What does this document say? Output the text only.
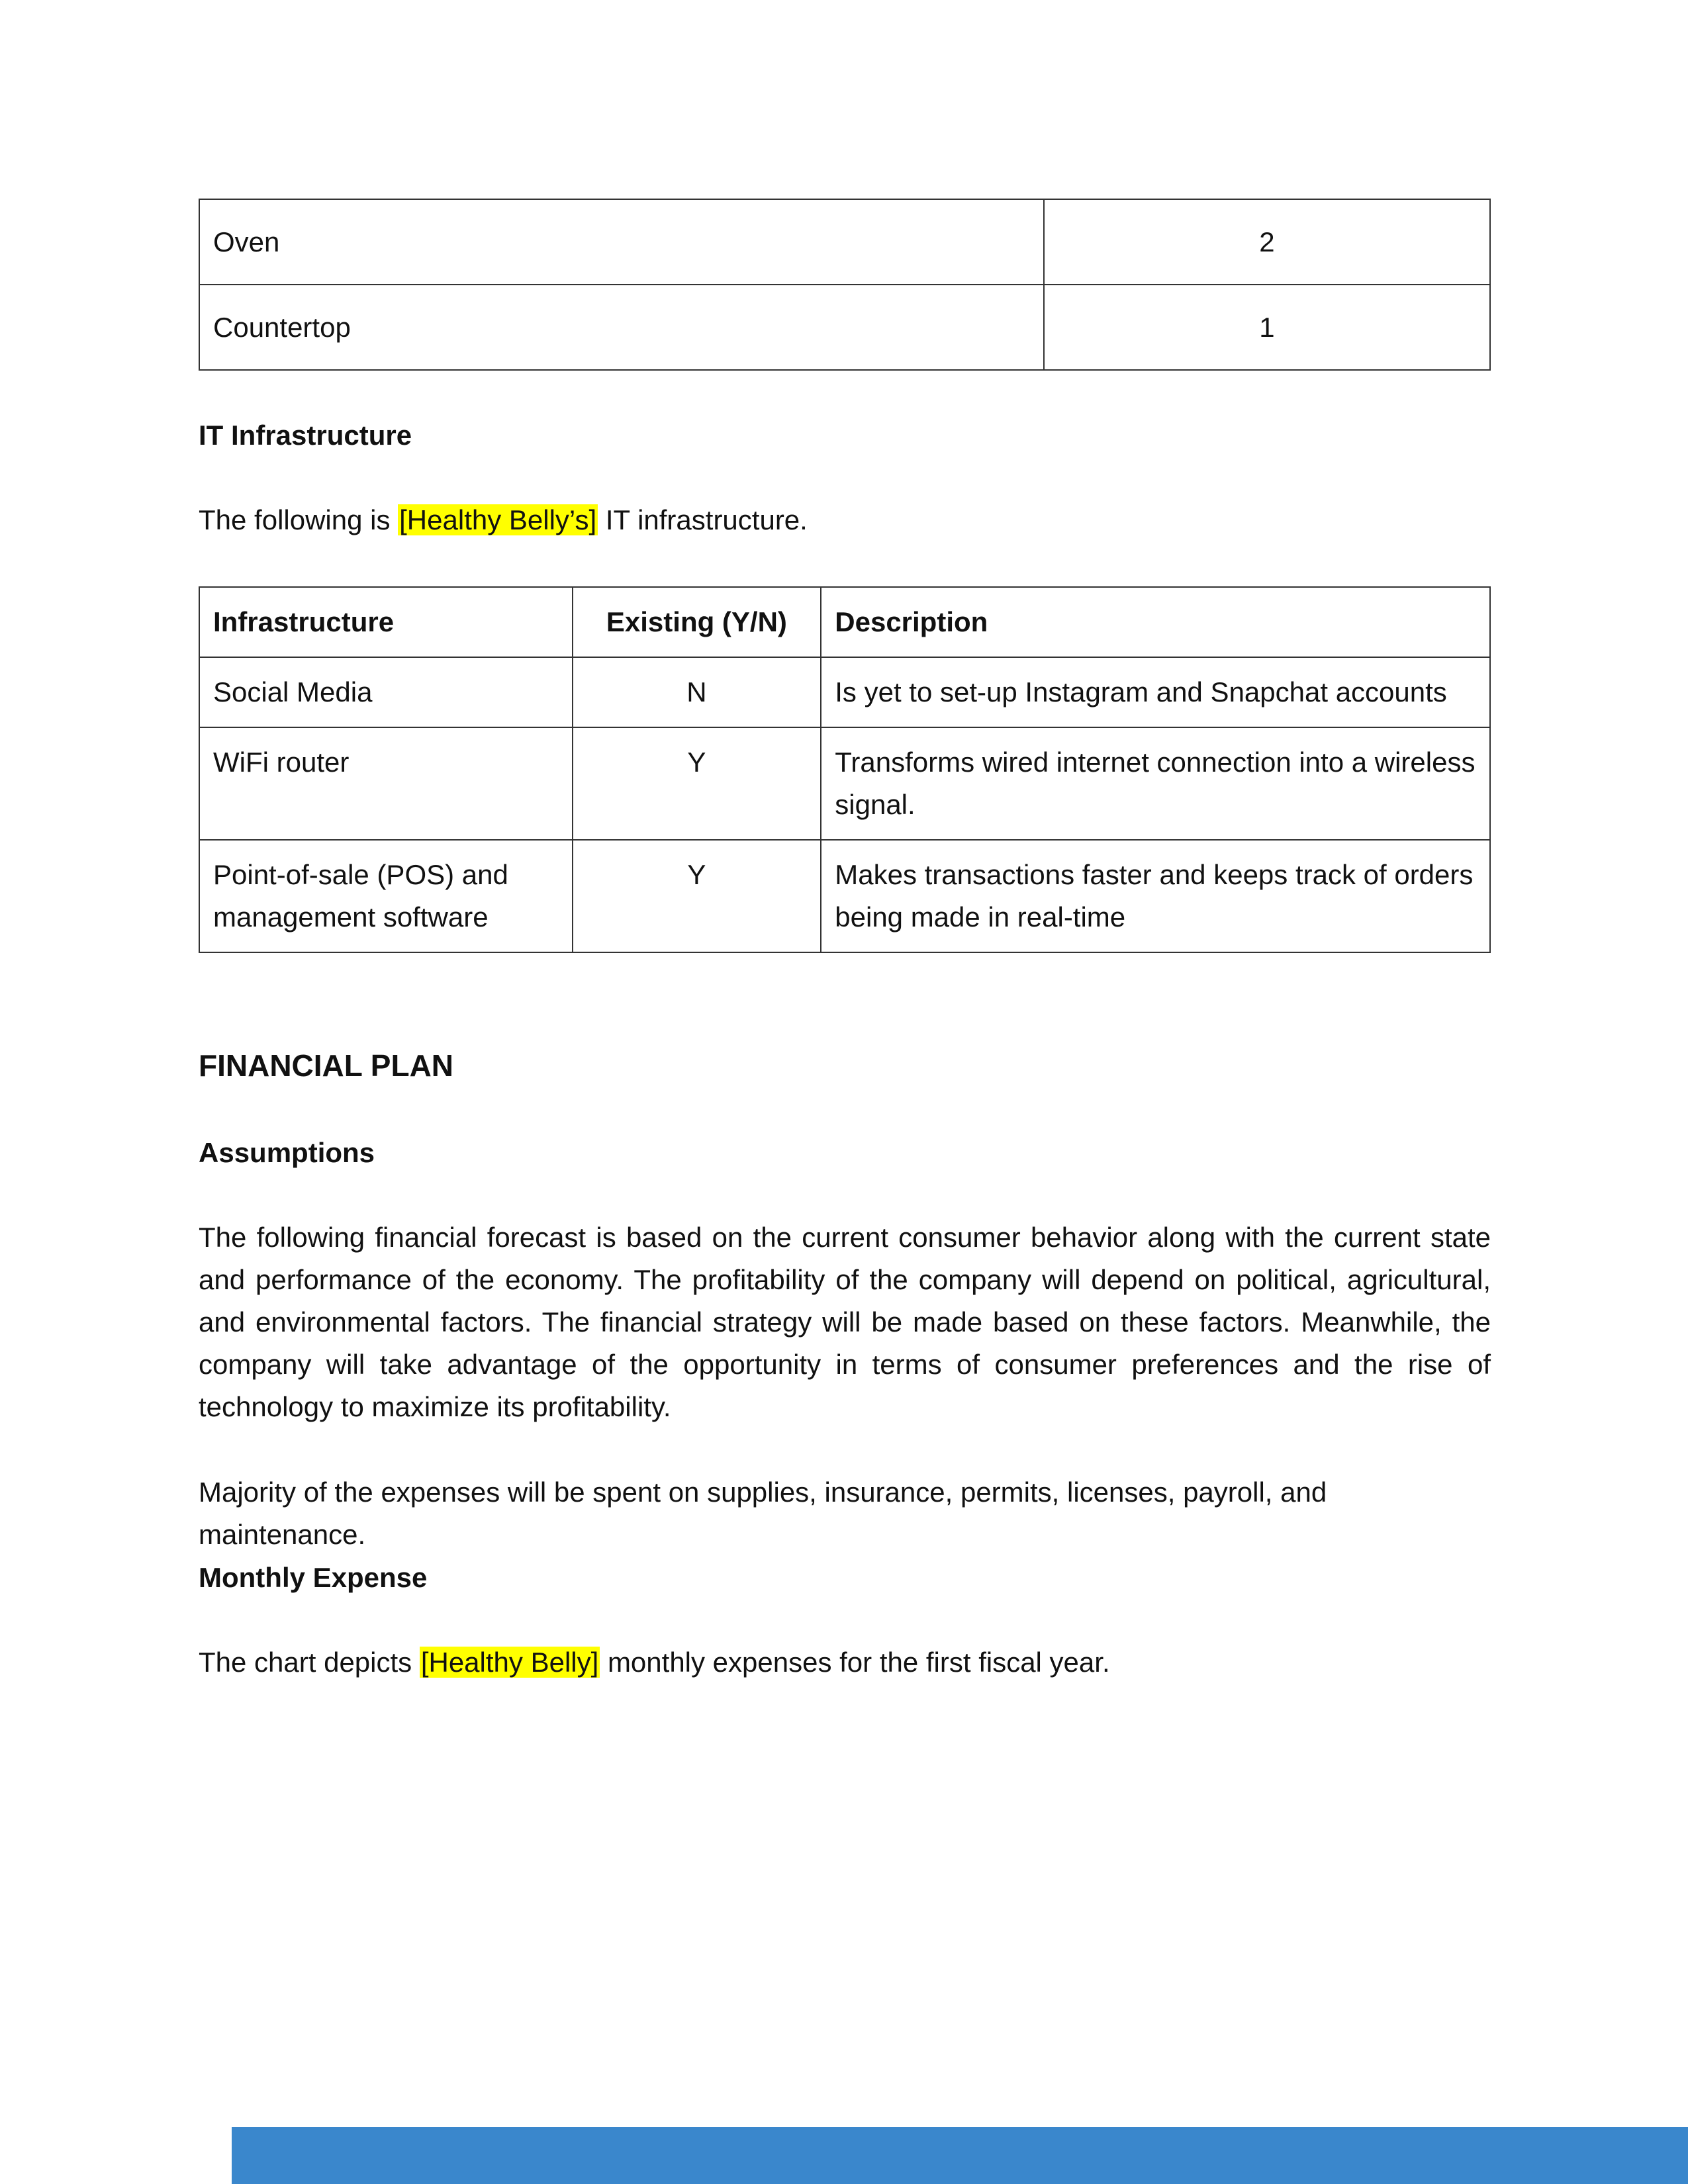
Oven	2
Countertop	1

IT Infrastructure

The following is [Healthy Belly’s] IT infrastructure.

Infrastructure	Existing (Y/N)	Description
Social Media	N	Is yet to set-up Instagram and Snapchat accounts
WiFi router	Y	Transforms wired internet connection into a wireless signal.
Point-of-sale (POS) and management software	Y	Makes transactions faster and keeps track of orders being made in real-time

FINANCIAL PLAN

Assumptions

The following financial forecast is based on the current consumer behavior along with the current state and performance of the economy. The profitability of the company will depend on political, agricultural, and environmental factors. The financial strategy will be made based on these factors. Meanwhile, the company will take advantage of the opportunity in terms of consumer preferences and the rise of technology to maximize its profitability.

Majority of the expenses will be spent on supplies, insurance, permits, licenses, payroll, and maintenance.

Monthly Expense

The chart depicts [Healthy Belly] monthly expenses for the first fiscal year.
